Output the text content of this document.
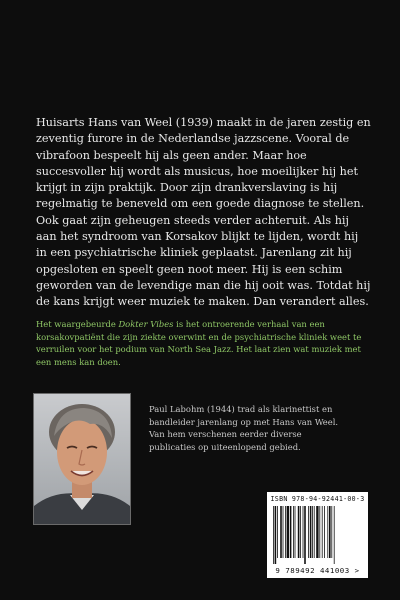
Huisarts Hans van Weel (1939) maakt in de jaren zestig en zeventig furore in de Nederlandse jazzscene. Vooral de vibrafoon bespeelt hij als geen ander. Maar hoe succesvoller hij wordt als musicus, hoe moeilijker hij het krijgt in zijn praktijk. Door zijn drankverslaving is hij regelmatig te beneveld om een goede diagnose te stellen. Ook gaat zijn geheugen steeds verder achteruit. Als hij aan het syndroom van Korsakov blijkt te lijden, wordt hij in een psychiatrische kliniek geplaatst. Jarenlang zit hij opgesloten en speelt geen noot meer. Hij is een schim geworden van de levendige man die hij ooit was. Totdat hij de kans krijgt weer muziek te maken. Dan verandert alles.

Het waargebeurde Dokter Vibes is het ontroerende verhaal van een korsakovpatiënt die zijn ziekte overwint en de psychiatrische kliniek weet te verruilen voor het podium van North Sea Jazz. Het laat zien wat muziek met een mens kan doen.

Paul Labohm (1944) trad als klarinettist en bandleider jarenlang op met Hans van Weel. Van hem verschenen eerder diverse publicaties op uiteenlopend gebied.

ISBN 978-94-92441-00-3
9 789492 441003 >
